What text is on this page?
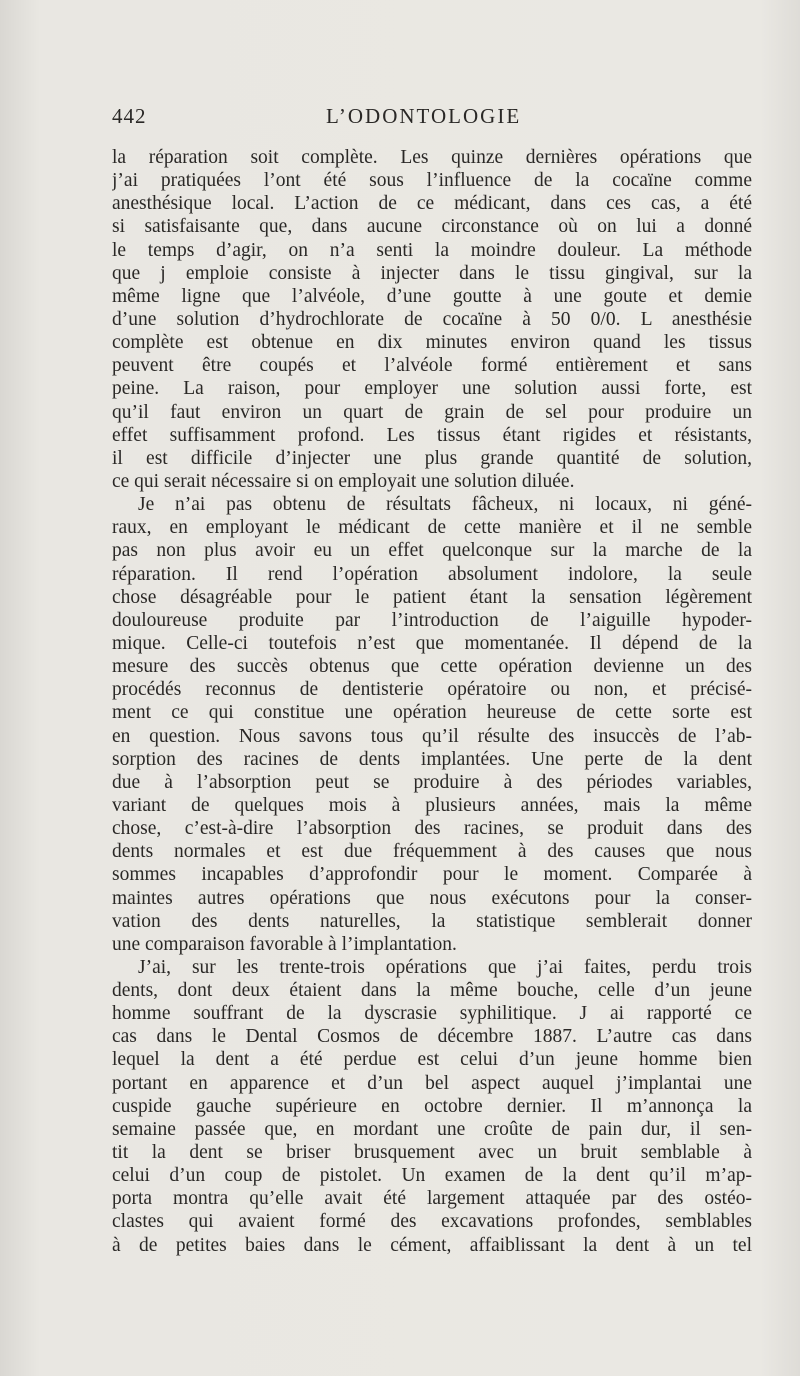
442	L’ODONTOLOGIE
la réparation soit complète. Les quinze dernières opérations que
j’ai pratiquées l’ont été sous l’influence de la cocaïne comme
anesthésique local. L’action de ce médicant, dans ces cas, a été
si satisfaisante que, dans aucune circonstance où on lui a donné
le temps d’agir, on n’a senti la moindre douleur. La méthode
que j emploie consiste à injecter dans le tissu gingival, sur la
même ligne que l’alvéole, d’une goutte à une goute et demie
d’une solution d’hydrochlorate de cocaïne à 50 0/0. L anesthésie
complète est obtenue en dix minutes environ quand les tissus
peuvent être coupés et l’alvéole formé entièrement et sans
peine. La raison, pour employer une solution aussi forte, est
qu’il faut environ un quart de grain de sel pour produire un
effet suffisamment profond. Les tissus étant rigides et résistants,
il est difficile d’injecter une plus grande quantité de solution,
ce qui serait nécessaire si on employait une solution diluée.
Je n’ai pas obtenu de résultats fâcheux, ni locaux, ni géné-
raux, en employant le médicant de cette manière et il ne semble
pas non plus avoir eu un effet quelconque sur la marche de la
réparation. Il rend l’opération absolument indolore, la seule
chose désagréable pour le patient étant la sensation légèrement
douloureuse produite par l’introduction de l’aiguille hypoder-
mique. Celle-ci toutefois n’est que momentanée. Il dépend de la
mesure des succès obtenus que cette opération devienne un des
procédés reconnus de dentisterie opératoire ou non, et précisé-
ment ce qui constitue une opération heureuse de cette sorte est
en question. Nous savons tous qu’il résulte des insuccès de l’ab-
sorption des racines de dents implantées. Une perte de la dent
due à l’absorption peut se produire à des périodes variables,
variant de quelques mois à plusieurs années, mais la même
chose, c’est-à-dire l’absorption des racines, se produit dans des
dents normales et est due fréquemment à des causes que nous
sommes incapables d’approfondir pour le moment. Comparée à
maintes autres opérations que nous exécutons pour la conser-
vation des dents naturelles, la statistique semblerait donner
une comparaison favorable à l’implantation.
J’ai, sur les trente-trois opérations que j’ai faites, perdu trois
dents, dont deux étaient dans la même bouche, celle d’un jeune
homme souffrant de la dyscrasie syphilitique. J ai rapporté ce
cas dans le Dental Cosmos de décembre 1887. L’autre cas dans
lequel la dent a été perdue est celui d’un jeune homme bien
portant en apparence et d’un bel aspect auquel j’implantai une
cuspide gauche supérieure en octobre dernier. Il m’annonça la
semaine passée que, en mordant une croûte de pain dur, il sen-
tit la dent se briser brusquement avec un bruit semblable à
celui d’un coup de pistolet. Un examen de la dent qu’il m’ap-
porta montra qu’elle avait été largement attaquée par des ostéo-
clastes qui avaient formé des excavations profondes, semblables
à de petites baies dans le cément, affaiblissant la dent à un tel
